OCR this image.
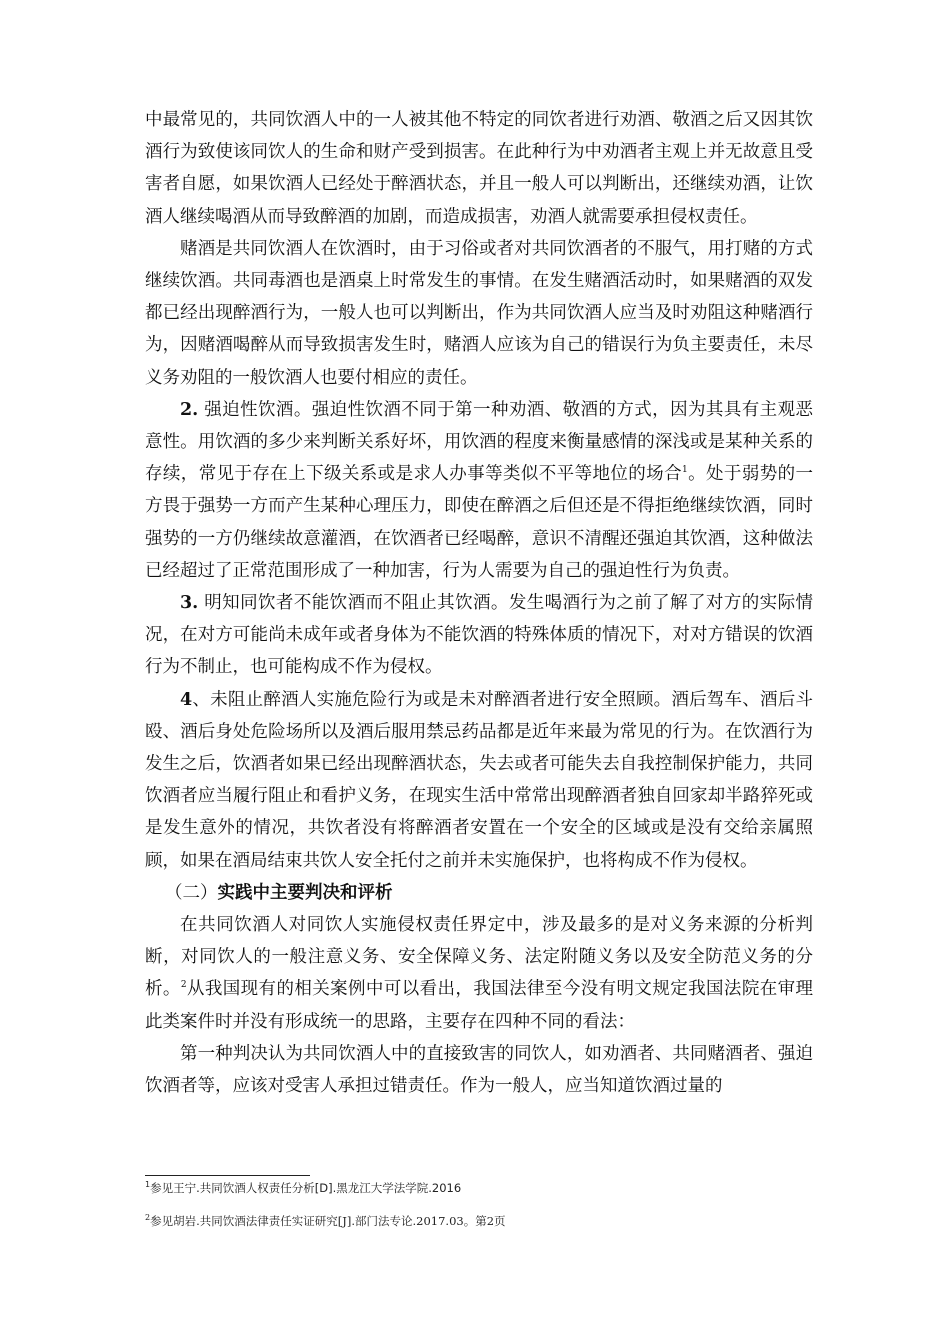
中最常见的，共同饮酒人中的一人被其他不特定的同饮者进行劝酒、敬酒之后又因其饮酒行为致使该同饮人的生命和财产受到损害。在此种行为中劝酒者主观上并无故意且受害者自愿，如果饮酒人已经处于醉酒状态，并且一般人可以判断出，还继续劝酒，让饮酒人继续喝酒从而导致醉酒的加剧，而造成损害，劝酒人就需要承担侵权责任。

赌酒是共同饮酒人在饮酒时，由于习俗或者对共同饮酒者的不服气，用打赌的方式继续饮酒。共同毒酒也是酒桌上时常发生的事情。在发生赌酒活动时，如果赌酒的双发都已经出现醉酒行为，一般人也可以判断出，作为共同饮酒人应当及时劝阻这种赌酒行为，因赌酒喝醉从而导致损害发生时，赌酒人应该为自己的错误行为负主要责任，未尽义务劝阻的一般饮酒人也要付相应的责任。

2. 强迫性饮酒。强迫性饮酒不同于第一种劝酒、敬酒的方式，因为其具有主观恶意性。用饮酒的多少来判断关系好坏，用饮酒的程度来衡量感情的深浅或是某种关系的存续，常见于存在上下级关系或是求人办事等类似不平等地位的场合$^1$。处于弱势的一方畏于强势一方而产生某种心理压力，即使在醉酒之后但还是不得拒绝继续饮酒，同时强势的一方仍继续故意灌酒，在饮酒者已经喝醉，意识不清醒还强迫其饮酒，这种做法已经超过了正常范围形成了一种加害，行为人需要为自己的强迫性行为负责。

3. 明知同饮者不能饮酒而不阻止其饮酒。发生喝酒行为之前了解了对方的实际情况，在对方可能尚未成年或者身体为不能饮酒的特殊体质的情况下，对对方错误的饮酒行为不制止，也可能构成不作为侵权。

4、未阻止醉酒人实施危险行为或是未对醉酒者进行安全照顾。酒后驾车、酒后斗殴、酒后身处危险场所以及酒后服用禁忌药品都是近年来最为常见的行为。在饮酒行为发生之后，饮酒者如果已经出现醉酒状态，失去或者可能失去自我控制保护能力，共同饮酒者应当履行阻止和看护义务，在现实生活中常常出现醉酒者独自回家却半路猝死或是发生意外的情况，共饮者没有将醉酒者安置在一个安全的区域或是没有交给亲属照顾，如果在酒局结束共饮人安全托付之前并未实施保护，也将构成不作为侵权。

（二）实践中主要判决和评析

在共同饮酒人对同饮人实施侵权责任界定中，涉及最多的是对义务来源的分析判断，对同饮人的一般注意义务、安全保障义务、法定附随义务以及安全防范义务的分析。$^2$从我国现有的相关案例中可以看出，我国法律至今没有明文规定我国法院在审理此类案件时并没有形成统一的思路，主要存在四种不同的看法：

第一种判决认为共同饮酒人中的直接致害的同饮人，如劝酒者、共同赌酒者、强迫饮酒者等，应该对受害人承担过错责任。作为一般人，应当知道饮酒过量的

$^1$参见王宁.共同饮酒人权责任分析[D].黑龙江大学法学院.2016
$^2$参见胡岩.共同饮酒法律责任实证研究[J].部门法专论.2017.03。第2页
